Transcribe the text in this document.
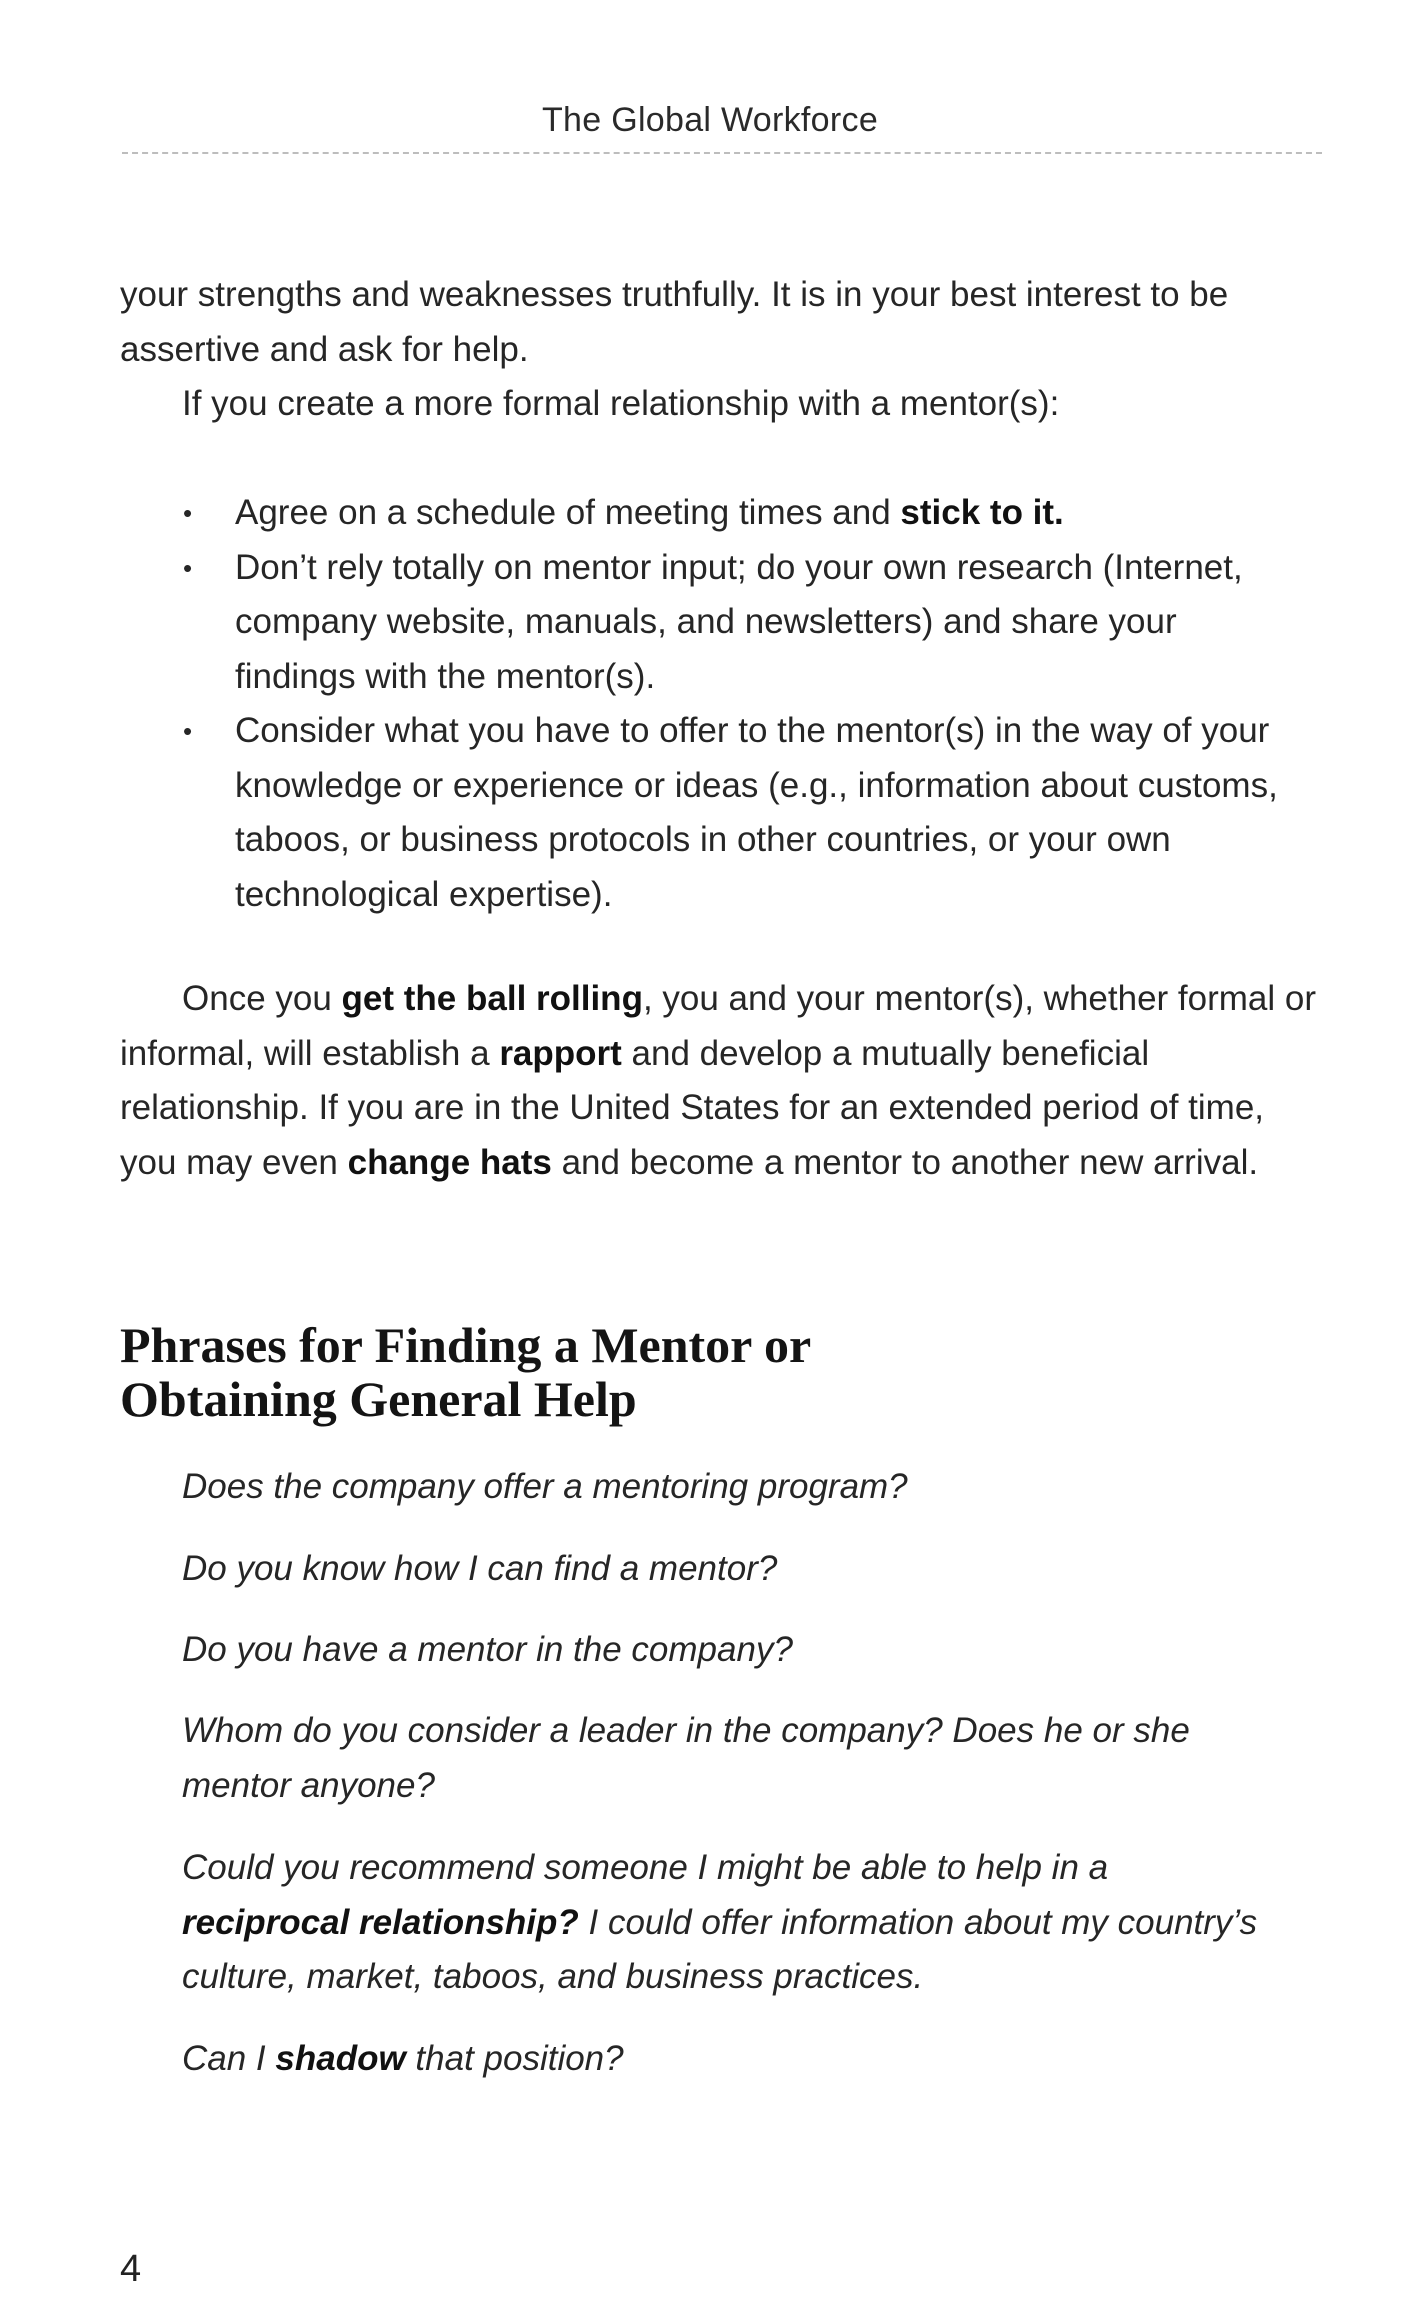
The Global Workforce

your strengths and weaknesses truthfully. It is in your best interest to be assertive and ask for help.

If you create a more formal relationship with a mentor(s):

• Agree on a schedule of meeting times and stick to it.
• Don’t rely totally on mentor input; do your own research (Internet, company website, manuals, and newsletters) and share your findings with the mentor(s).
• Consider what you have to offer to the mentor(s) in the way of your knowledge or experience or ideas (e.g., information about customs, taboos, or business protocols in other countries, or your own technological expertise).

Once you get the ball rolling, you and your mentor(s), whether formal or informal, will establish a rapport and develop a mutually beneficial relationship. If you are in the United States for an extended period of time, you may even change hats and become a mentor to another new arrival.

Phrases for Finding a Mentor or
Obtaining General Help

Does the company offer a mentoring program?

Do you know how I can find a mentor?

Do you have a mentor in the company?

Whom do you consider a leader in the company? Does he or she mentor anyone?

Could you recommend someone I might be able to help in a reciprocal relationship? I could offer information about my country’s culture, market, taboos, and business practices.

Can I shadow that position?

4
